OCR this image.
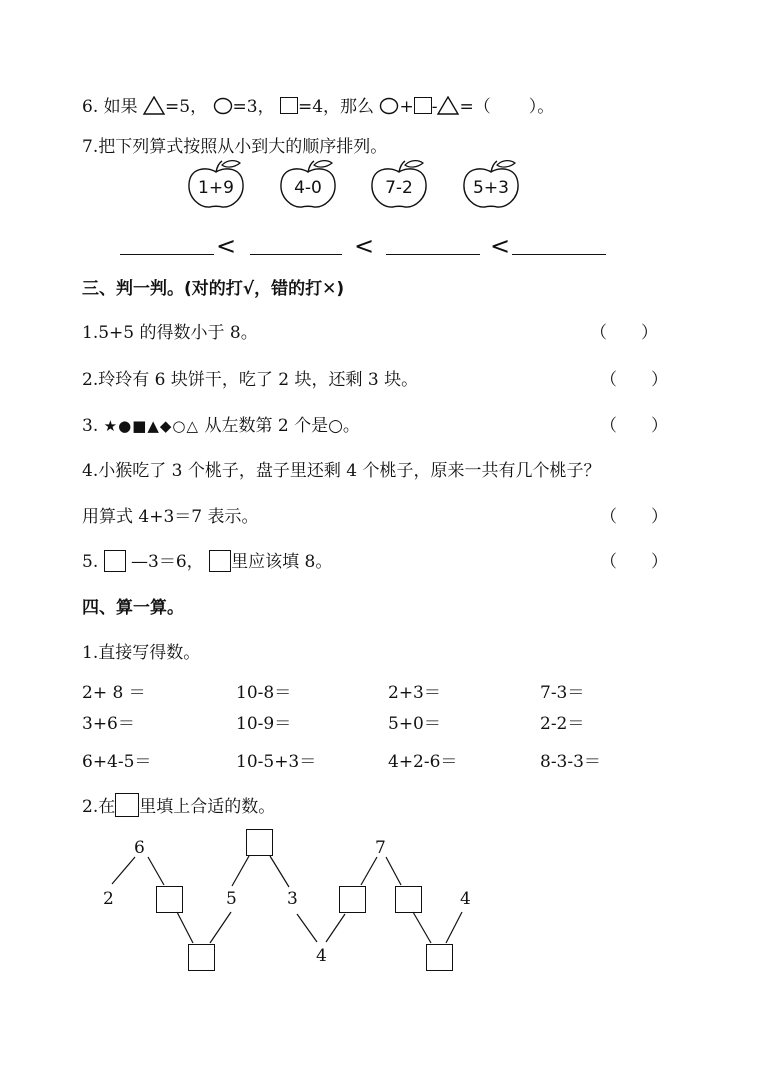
6. 如果 =5， =3， =4，那么 + - =（ ）。
7.把下列算式按照从小到大的顺序排列。
1+9	4-0	7-2	5+3
<	<	<
三、判一判。(对的打√，错的打✕)
1.5+5 的得数小于 8。	（　　）
2.玲玲有 6 块饼干，吃了 2 块，还剩 3 块。	（　　）
3. ★●■▲◆○△ 从左数第 2 个是○。	（　　）
4.小猴吃了 3 个桃子，盘子里还剩 4 个桃子，原来一共有几个桃子？
用算式 4+3＝7 表示。	（　　）
5. —3＝6， 里应该填 8。	（　　）
四、算一算。
1.直接写得数。
2+ 8 ＝	10-8＝	2+3＝	7-3＝
3+6＝	10-9＝	5+0＝	2-2＝
6+4-5＝	10-5+3＝	4+2-6＝	8-3-3＝
2.在 里填上合适的数。
6
2	5	3
4
7
4
